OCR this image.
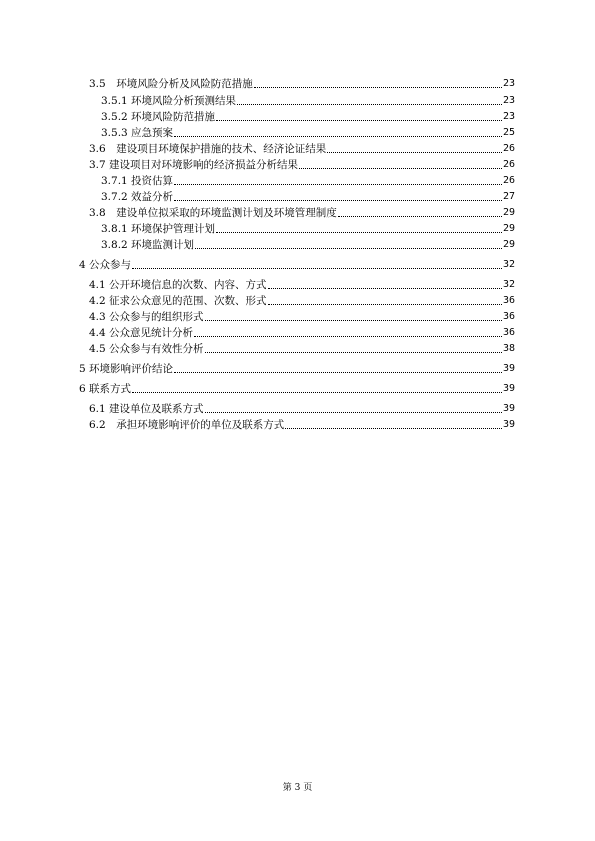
3.5　环境风险分析及风险防范措施	23
3.5.1 环境风险分析预测结果	23
3.5.2 环境风险防范措施	23
3.5.3 应急预案	25
3.6　建设项目环境保护措施的技术、经济论证结果	26
3.7 建设项目对环境影响的经济损益分析结果	26
3.7.1 投资估算	26
3.7.2 效益分析	27
3.8　建设单位拟采取的环境监测计划及环境管理制度	29
3.8.1 环境保护管理计划	29
3.8.2 环境监测计划	29
4 公众参与	32
4.1 公开环境信息的次数、内容、方式	32
4.2 征求公众意见的范围、次数、形式	36
4.3 公众参与的组织形式	36
4.4 公众意见统计分析	36
4.5 公众参与有效性分析	38
5 环境影响评价结论	39
6 联系方式	39
6.1 建设单位及联系方式	39
6.2　承担环境影响评价的单位及联系方式	39
第 3 页
